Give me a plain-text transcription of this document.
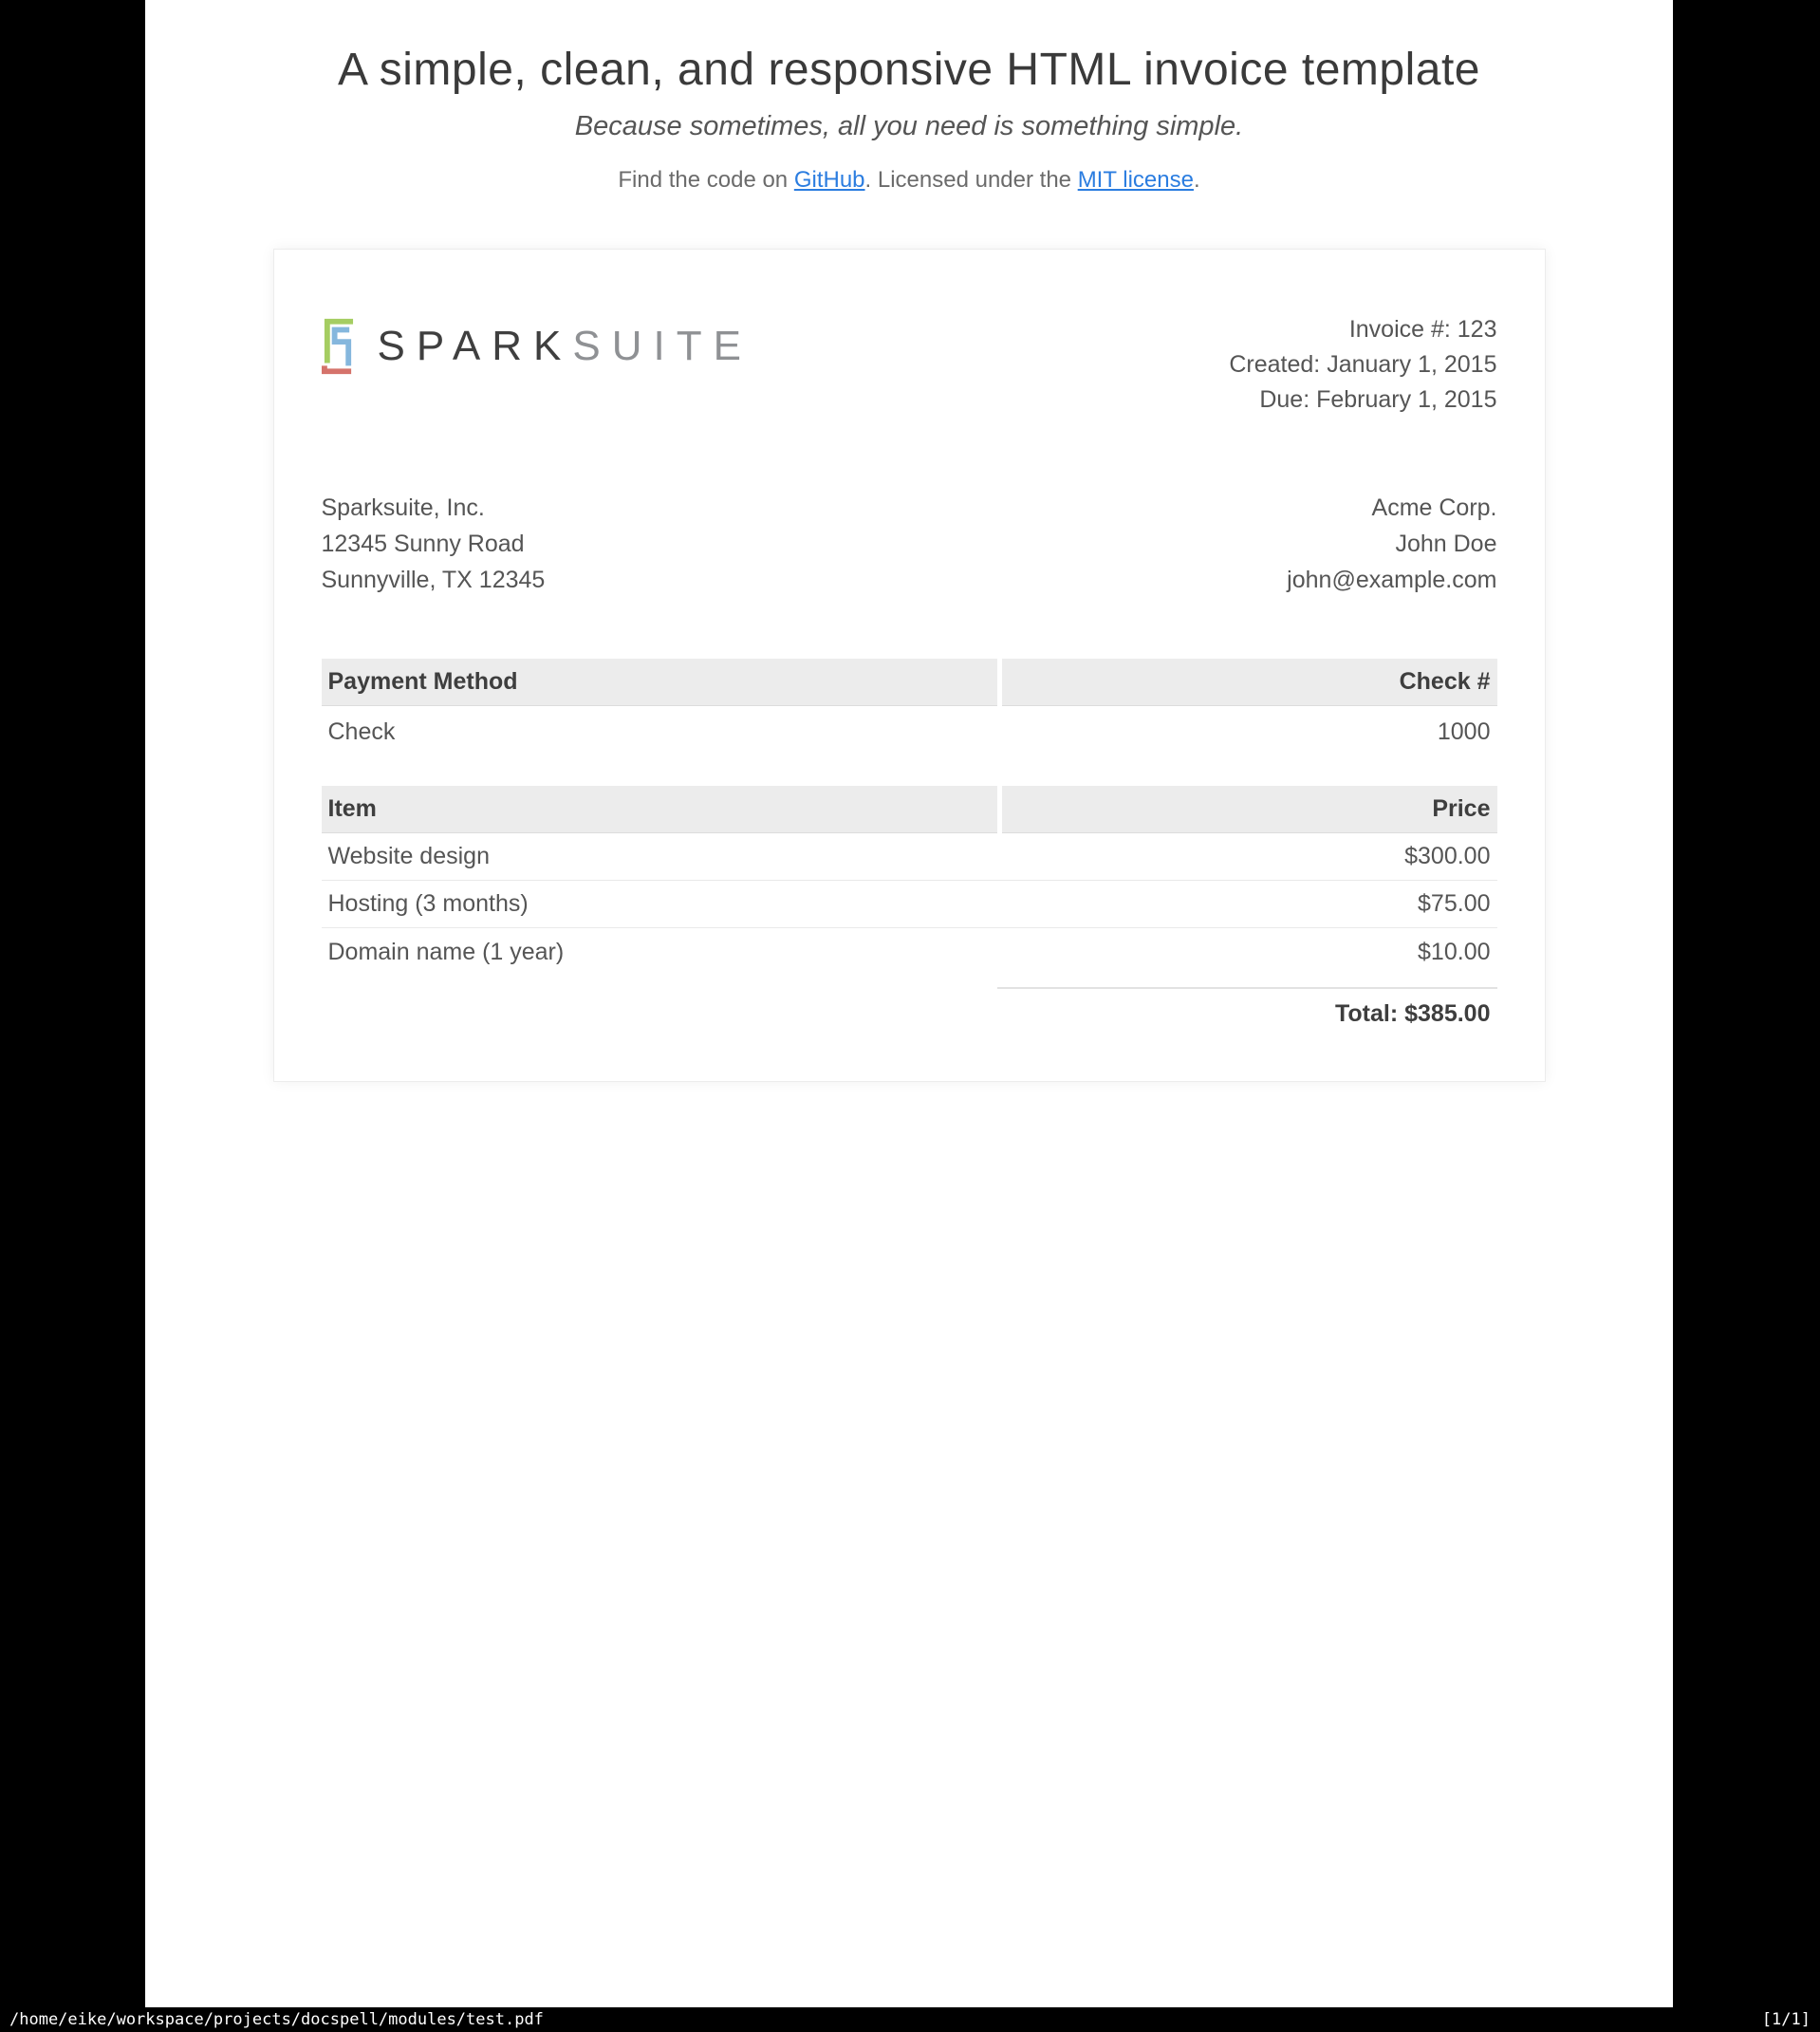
A simple, clean, and responsive HTML invoice template
Because sometimes, all you need is something simple.
Find the code on GitHub. Licensed under the MIT license.
SPARKSUITE	Invoice #: 123
Created: January 1, 2015
Due: February 1, 2015
Sparksuite, Inc.
12345 Sunny Road
Sunnyville, TX 12345
Acme Corp.
John Doe
john@example.com
Payment Method	Check #
Check	1000
Item	Price
Website design	$300.00
Hosting (3 months)	$75.00
Domain name (1 year)	$10.00
Total: $385.00
/home/eike/workspace/projects/docspell/modules/test.pdf	[1/1]
